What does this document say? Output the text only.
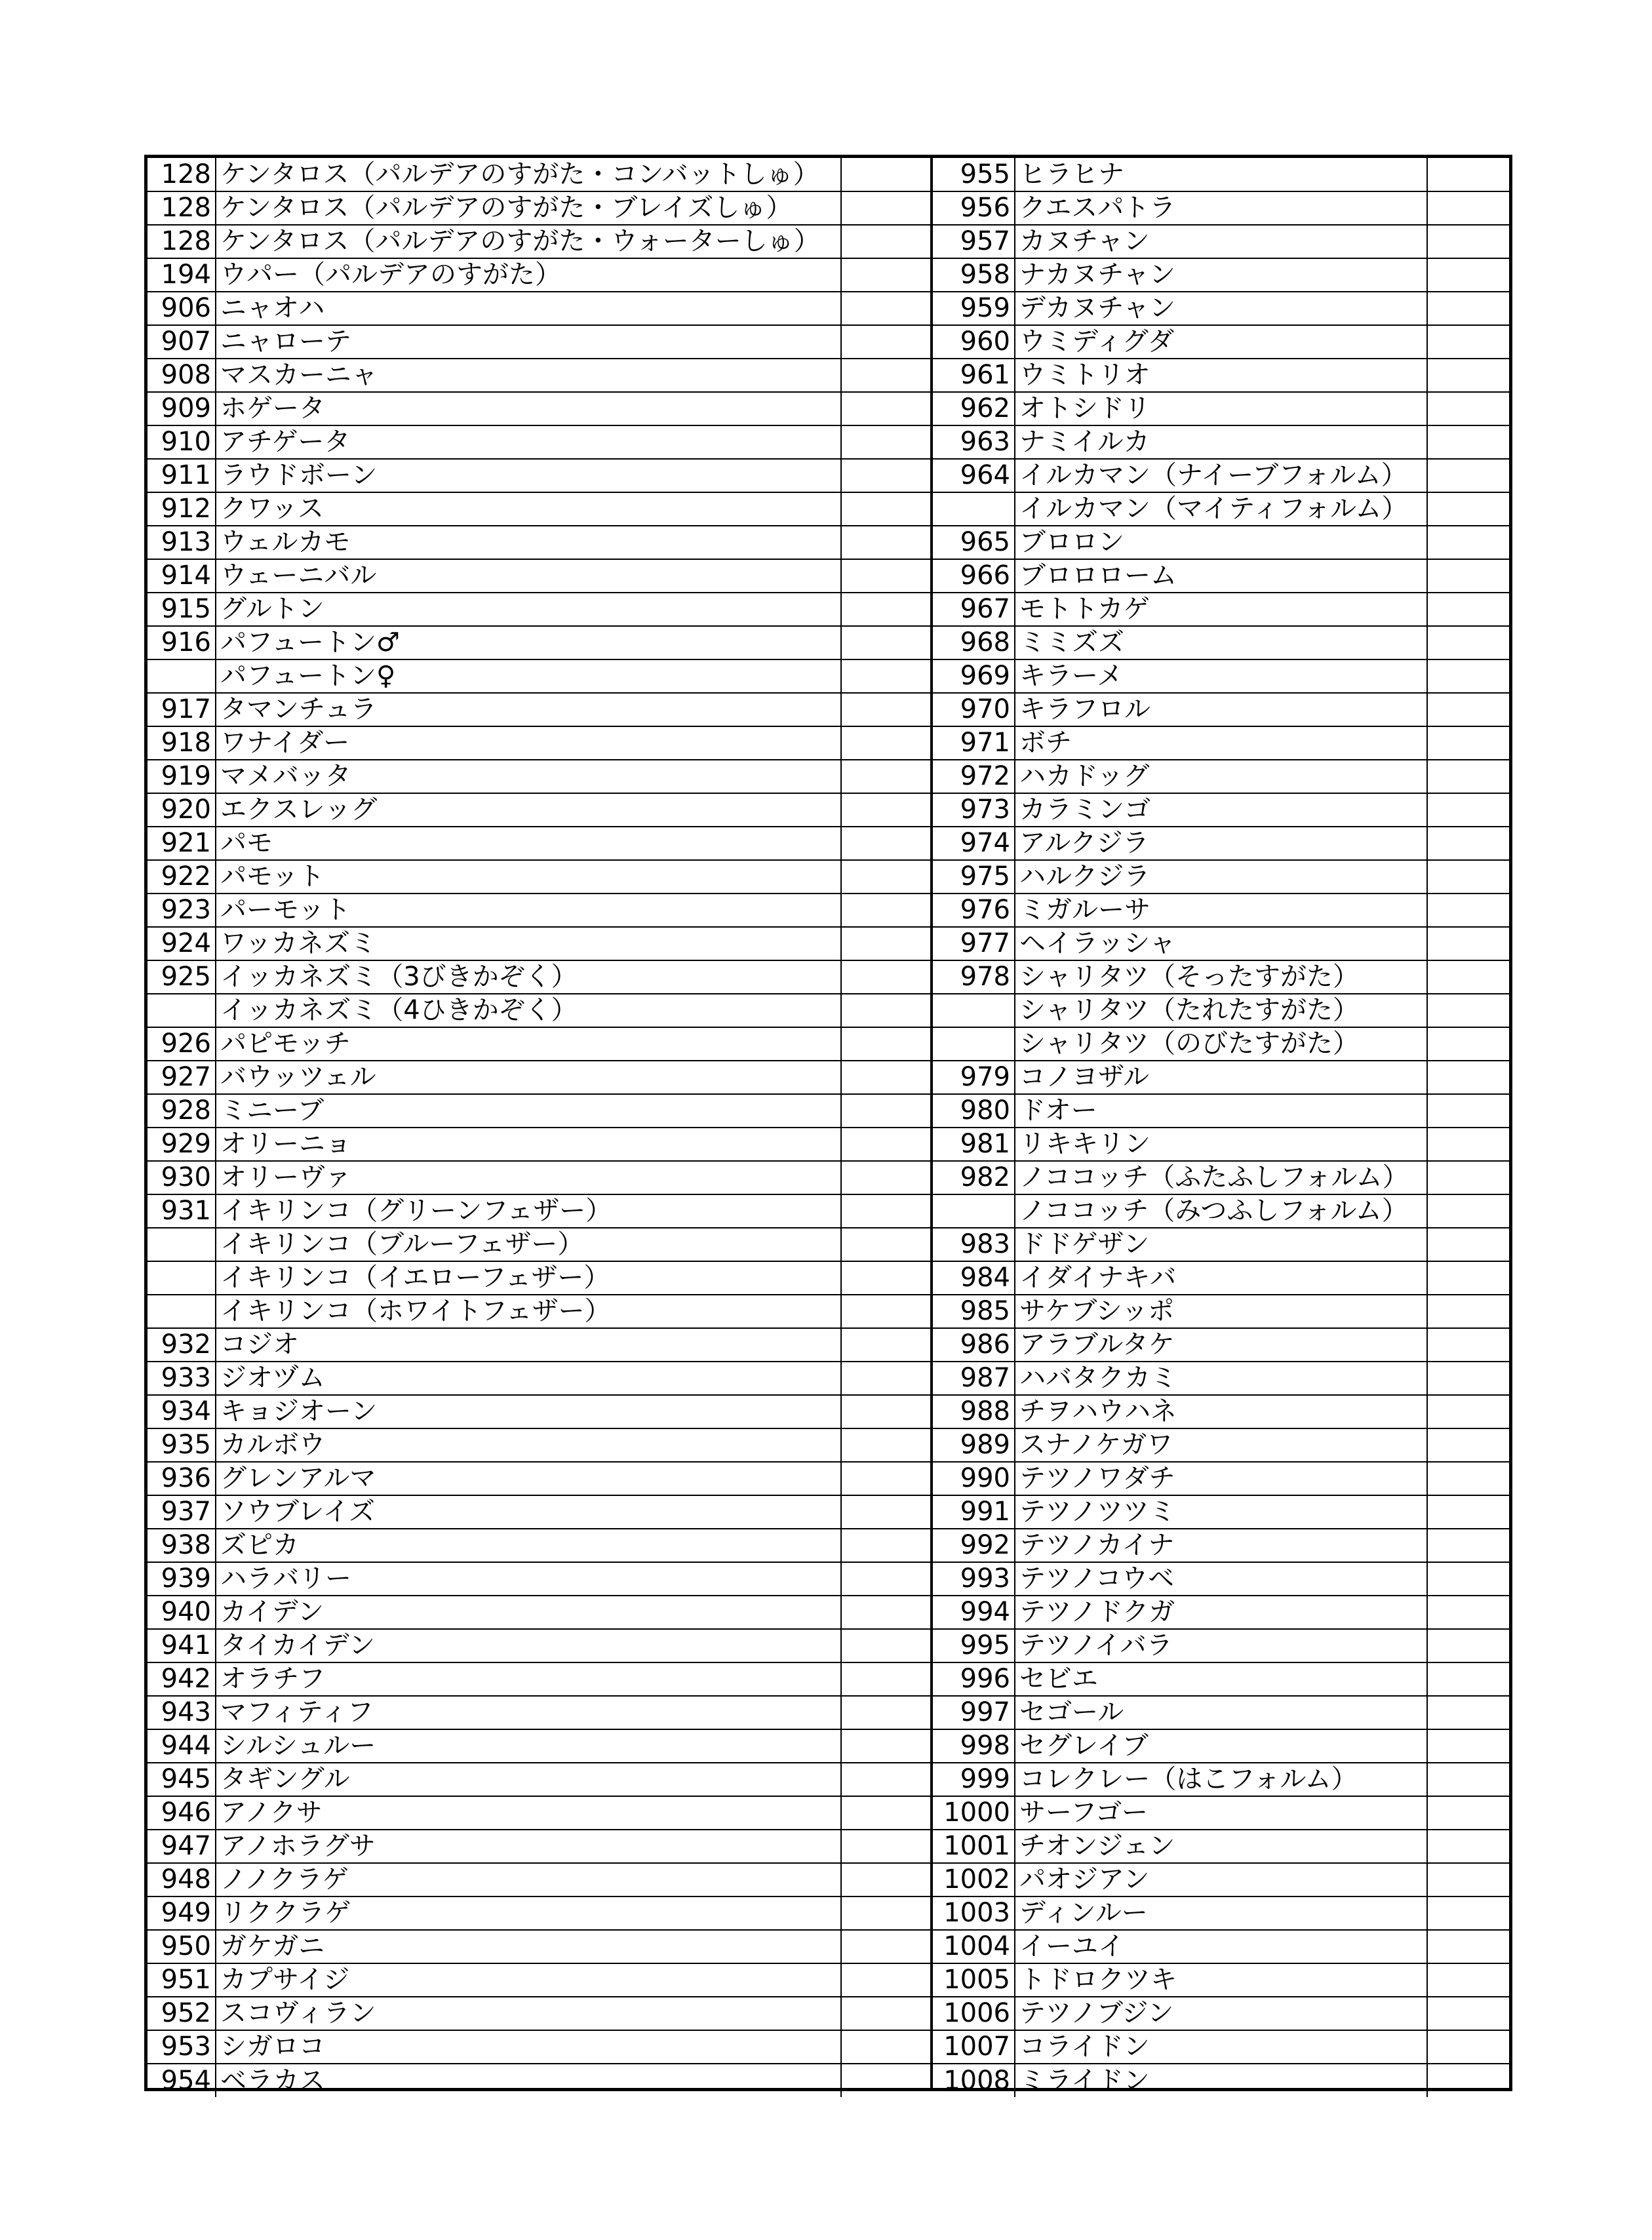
128	ケンタロス（パルデアのすがた・コンバットしゅ）	
128	ケンタロス（パルデアのすがた・ブレイズしゅ）	
128	ケンタロス（パルデアのすがた・ウォーターしゅ）	
194	ウパー（パルデアのすがた）	
906	ニャオハ	
907	ニャローテ	
908	マスカーニャ	
909	ホゲータ	
910	アチゲータ	
911	ラウドボーン	
912	クワッス	
913	ウェルカモ	
914	ウェーニバル	
915	グルトン	
916	パフュートン♂	
	パフュートン♀	
917	タマンチュラ	
918	ワナイダー	
919	マメバッタ	
920	エクスレッグ	
921	パモ	
922	パモット	
923	パーモット	
924	ワッカネズミ	
925	イッカネズミ（3びきかぞく）	
	イッカネズミ（4ひきかぞく）	
926	パピモッチ	
927	バウッツェル	
928	ミニーブ	
929	オリーニョ	
930	オリーヴァ	
931	イキリンコ（グリーンフェザー）	
	イキリンコ（ブルーフェザー）	
	イキリンコ（イエローフェザー）	
	イキリンコ（ホワイトフェザー）	
932	コジオ	
933	ジオヅム	
934	キョジオーン	
935	カルボウ	
936	グレンアルマ	
937	ソウブレイズ	
938	ズピカ	
939	ハラバリー	
940	カイデン	
941	タイカイデン	
942	オラチフ	
943	マフィティフ	
944	シルシュルー	
945	タギングル	
946	アノクサ	
947	アノホラグサ	
948	ノノクラゲ	
949	リククラゲ	
950	ガケガニ	
951	カプサイジ	
952	スコヴィラン	
953	シガロコ	
954	ベラカス	
955	ヒラヒナ	
956	クエスパトラ	
957	カヌチャン	
958	ナカヌチャン	
959	デカヌチャン	
960	ウミディグダ	
961	ウミトリオ	
962	オトシドリ	
963	ナミイルカ	
964	イルカマン（ナイーブフォルム）	
	イルカマン（マイティフォルム）	
965	ブロロン	
966	ブロロローム	
967	モトトカゲ	
968	ミミズズ	
969	キラーメ	
970	キラフロル	
971	ボチ	
972	ハカドッグ	
973	カラミンゴ	
974	アルクジラ	
975	ハルクジラ	
976	ミガルーサ	
977	ヘイラッシャ	
978	シャリタツ（そったすがた）	
	シャリタツ（たれたすがた）	
	シャリタツ（のびたすがた）	
979	コノヨザル	
980	ドオー	
981	リキキリン	
982	ノココッチ（ふたふしフォルム）	
	ノココッチ（みつふしフォルム）	
983	ドドゲザン	
984	イダイナキバ	
985	サケブシッポ	
986	アラブルタケ	
987	ハバタクカミ	
988	チヲハウハネ	
989	スナノケガワ	
990	テツノワダチ	
991	テツノツツミ	
992	テツノカイナ	
993	テツノコウベ	
994	テツノドクガ	
995	テツノイバラ	
996	セビエ	
997	セゴール	
998	セグレイブ	
999	コレクレー（はこフォルム）	
1000	サーフゴー	
1001	チオンジェン	
1002	パオジアン	
1003	ディンルー	
1004	イーユイ	
1005	トドロクツキ	
1006	テツノブジン	
1007	コライドン	
1008	ミライドン	
